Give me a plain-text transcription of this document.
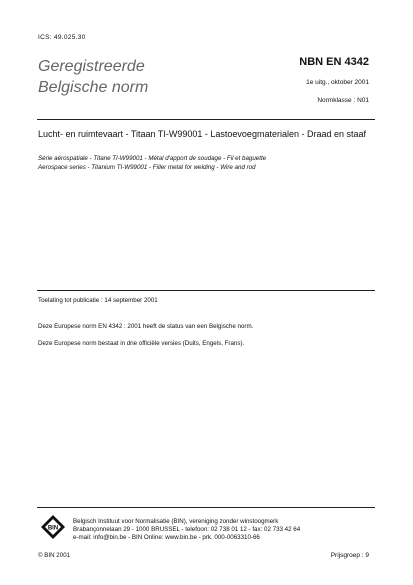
ICS: 49.025.30
Geregistreerde
Belgische norm
NBN EN 4342
1e uitg., oktober 2001
Normklasse : N01
Lucht- en ruimtevaart - Titaan TI-W99001 - Lastoevoegmaterialen - Draad en staaf
Série aérospatiale - Titane TI-W99001 - Métal d'apport de soudage - Fil et baguette
Aerospace series - Titanium TI-W99001 - Filler metal for welding - Wire and rod
Toelating tot publicatie : 14 september 2001
Deze Europese norm EN 4342 : 2001 heeft de status van een Belgische norm.
Deze Europese norm bestaat in drie officiële versies (Duits, Engels, Frans).
BIN
Belgisch Instituut voor Normalisatie (BIN), vereniging zonder winstoogmerk
Brabançonnelaan 29 - 1000 BRUSSEL - telefoon: 02 738 01 12 - fax: 02 733 42 64
e-mail: info@bin.be - BIN Online: www.bin.be - prk. 000-0063310-66
© BIN 2001	Prijsgroep : 9
